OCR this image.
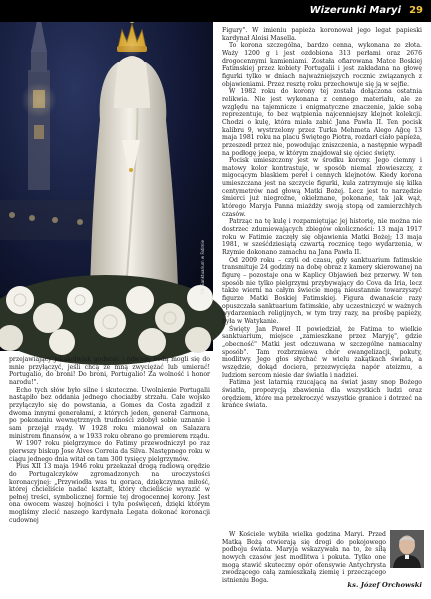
fot. Sanktuarium w Fatimie
Wizerunki Maryi 29

przejawiający jakąkolwiek godność i odwagę bedą mogli się do mnie przyłączyć, jeśli chcą ze mną zwyciężać lub umierać! Portugalio, do broni! Do broni, Portugalio! Za wolność i honor narodu!".

Echo tych słów było silne i skuteczne. Uwolnienie Portugalii nastąpiło bez oddania jednego chociażby strzału. Całe wojsko przyłączyło się do powstania, a Gomes da Costa zgadził z dwoma innymi generałami, z których jeden, generał Carmona, po pokonaniu wewnętrznych trudności zdobył sobie uznanie i sam przejął rządy. W 1928 roku mianował on Salazara ministrem finansów, a w 1933 roku obrano go premierem rządu.

W 1907 roku pielgrzymce do Fatimy przewodniczył po raz pierwszy biskup Jose Alves Correia da Silva. Następnego roku w ciągu jednego dnia witał on tam 300 tysięcy pielgrzymów.

Pius XII 13 maja 1946 roku przekazał drogą radiową orędzie do Portugalczyków zgromadzonych na uroczystości koronacyjnej: „Przywiodła was tu gorąca, dziękczynna miłość, której chcieliście nadać kształt, który chcieliście wyrazić w pełnej treści, symbolicznej formie tej drogocennej korony. Jest ona owocem waszej hojności i tylu poświęceń, dzięki którym mogliśmy zlecić naszego kardynała Legata dokonać koronacji cudownej

Figury". W imieniu papieża koronował jego legat papieski kardynał Aloisi Masella.

To korona szczególna, bardzo cenna, wykonana ze złota. Waży 1200 g i jest ozdobiona 313 perłami oraz 2676 drogocennymi kamieniami. Została ofiarowana Matce Boskiej Fatimskiej przez kobiety Portugalii i jest zakładana na głowę figurki tylko w dniach najważniejszych rocznic związanych z objawieniami. Przez resztę roku przechowuje się ją w sejfie.

W 1982 roku do korony tej została dołączona ostatnia relikwia. Nie jest wykonana z cennego materiału, ale ze względu na tajemnicze i enigmatyczne znaczenie, jakie sobą reprezentuje, to bez wątpienia najcenniejszy klejnot kolekcji. Chodzi o kulę, która miała zabić Jana Pawła II. Ten pocisk kalibru 9, wystrzelony przez Turka Mehmeta Alego Ağcę 13 maja 1981 roku na placu Świętego Piotra, rozdarł ciało papieża, przeszedł przez nie, powodując zniszczenia, a następnie wypadł na podłogę jeepa, w którym znajdował się ojciec święty.

Pocisk umieszczony jest w środku korony. Jego ciemny i matowy kolor kontrastuje, w sposób niemal złowieszczy, z migocącym blaskiem pereł i cennych klejnotów. Kiedy korona umieszczana jest na szczycie figurki, kula zatrzymuje się kilka centymetrów nad głową Matki Bożej. Lecz jest to narzędzie śmierci już niegroźne, okiełznane, pokonane, tak jak wąż, którego Maryja Panna miażdży swoją stopą od zamierzchłych czasów.

Patrząc na tę kulę i rozpamiętując jej historię, nie można nie dostrzec zdumiewających zbiegów okoliczności: 13 maja 1917 roku w Fatimie zaczęły się objawienia Matki Bożej; 13 maja 1981, w sześćdziesiątą czwartą rocznicę tego wydarzenia, w Rzymie dokonano zamachu na Jana Pawła II.

Od 2009 roku – czyli od czasu, gdy sanktuarium fatimskie transmituje 24 godziny na dobę obraz z kamery skierowanej na figurę – pozostaje ona w Kaplicy Objawień bez przerwy. W ten sposób nie tylko pielgrzymi przybywający do Cova da Iria, lecz także wierni na całym świecie mogą nieustannie towarzyszyć figurze Matki Boskiej Fatimskiej. Figura dwanaście razy opuszczała sanktuarium fatimskie, aby uczestniczyć w ważnych wydarzeniach religijnych, w tym trzy razy, na prośbę papieży, była w Watykanie.

Święty Jan Paweł II powiedział, że Fatima to wielkie sanktuarium, miejsce „zamieszkane przez Maryję", gdzie „obecność" Matki jest odczuwana w szczególne namacalny sposób". Tam rozbrzmiewa chór ewangelizacji, pokuty, modlitwy. Jego głos słychać w wielu zakątkach świata, a wszędzie, dokąd dociera, przezwycięża napór ateizmu, a ludziom sercom niesie dar światła i nadziei.

Fatima jest latarnią rzucającą na świat jasny snop Bożego światła, propozycją zbawienia dla wszystkich ludzi oraz orędziem, które ma przekroczyć wszystkie granice i dotrzeć na krańce świata.

W Kościele wybiła wielka godzina Maryi. Przed Matką Bożą otwierają się drogi do pokojowego podboju świata. Maryja wskazywała na to, że siłą nowych czasów jest modlitwa i pokuta. Tylko one mogą stawić skuteczny opór ofensywie Antychrysta zwodzącego całą zamieszkałą ziemię i przeczącego istnieniu Boga.

ks. Józef Orchowski
